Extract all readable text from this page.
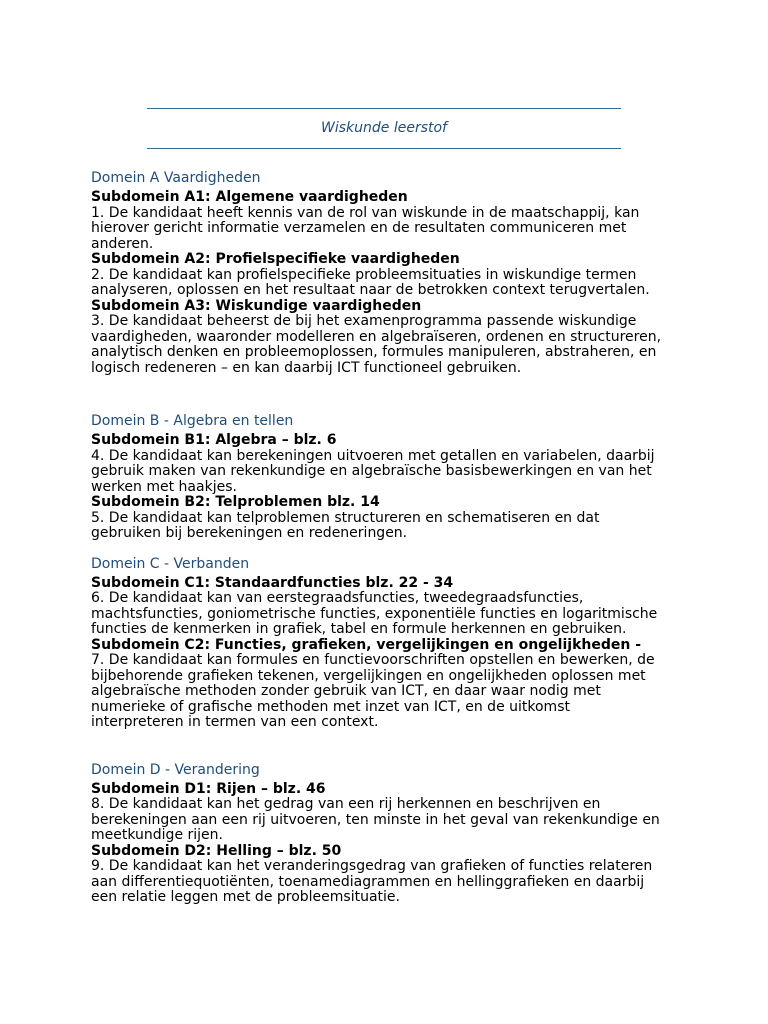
Wiskunde leerstof
Domein A Vaardigheden
Subdomein A1: Algemene vaardigheden
1. De kandidaat heeft kennis van de rol van wiskunde in de maatschappij, kan
hierover gericht informatie verzamelen en de resultaten communiceren met
anderen.
Subdomein A2: Profielspecifieke vaardigheden
2. De kandidaat kan profielspecifieke probleemsituaties in wiskundige termen
analyseren, oplossen en het resultaat naar de betrokken context terugvertalen.
Subdomein A3: Wiskundige vaardigheden
3. De kandidaat beheerst de bij het examenprogramma passende wiskundige
vaardigheden, waaronder modelleren en algebraïseren, ordenen en structureren,
analytisch denken en probleemoplossen, formules manipuleren, abstraheren, en
logisch redeneren – en kan daarbij ICT functioneel gebruiken.
Domein B - Algebra en tellen
Subdomein B1: Algebra – blz. 6
4. De kandidaat kan berekeningen uitvoeren met getallen en variabelen, daarbij
gebruik maken van rekenkundige en algebraïsche basisbewerkingen en van het
werken met haakjes.
Subdomein B2: Telproblemen blz. 14
5. De kandidaat kan telproblemen structureren en schematiseren en dat
gebruiken bij berekeningen en redeneringen.
Domein C - Verbanden
Subdomein C1: Standaardfuncties blz. 22 - 34
6. De kandidaat kan van eerstegraadsfuncties, tweedegraadsfuncties,
machtsfuncties, goniometrische functies, exponentiële functies en logaritmische
functies de kenmerken in grafiek, tabel en formule herkennen en gebruiken.
Subdomein C2: Functies, grafieken, vergelijkingen en ongelijkheden -
7. De kandidaat kan formules en functievoorschriften opstellen en bewerken, de
bijbehorende grafieken tekenen, vergelijkingen en ongelijkheden oplossen met
algebraïsche methoden zonder gebruik van ICT, en daar waar nodig met
numerieke of grafische methoden met inzet van ICT, en de uitkomst
interpreteren in termen van een context.
Domein D - Verandering
Subdomein D1: Rijen – blz. 46
8. De kandidaat kan het gedrag van een rij herkennen en beschrijven en
berekeningen aan een rij uitvoeren, ten minste in het geval van rekenkundige en
meetkundige rijen.
Subdomein D2: Helling – blz. 50
9. De kandidaat kan het veranderingsgedrag van grafieken of functies relateren
aan differentiequotiënten, toenamediagrammen en hellinggrafieken en daarbij
een relatie leggen met de probleemsituatie.
